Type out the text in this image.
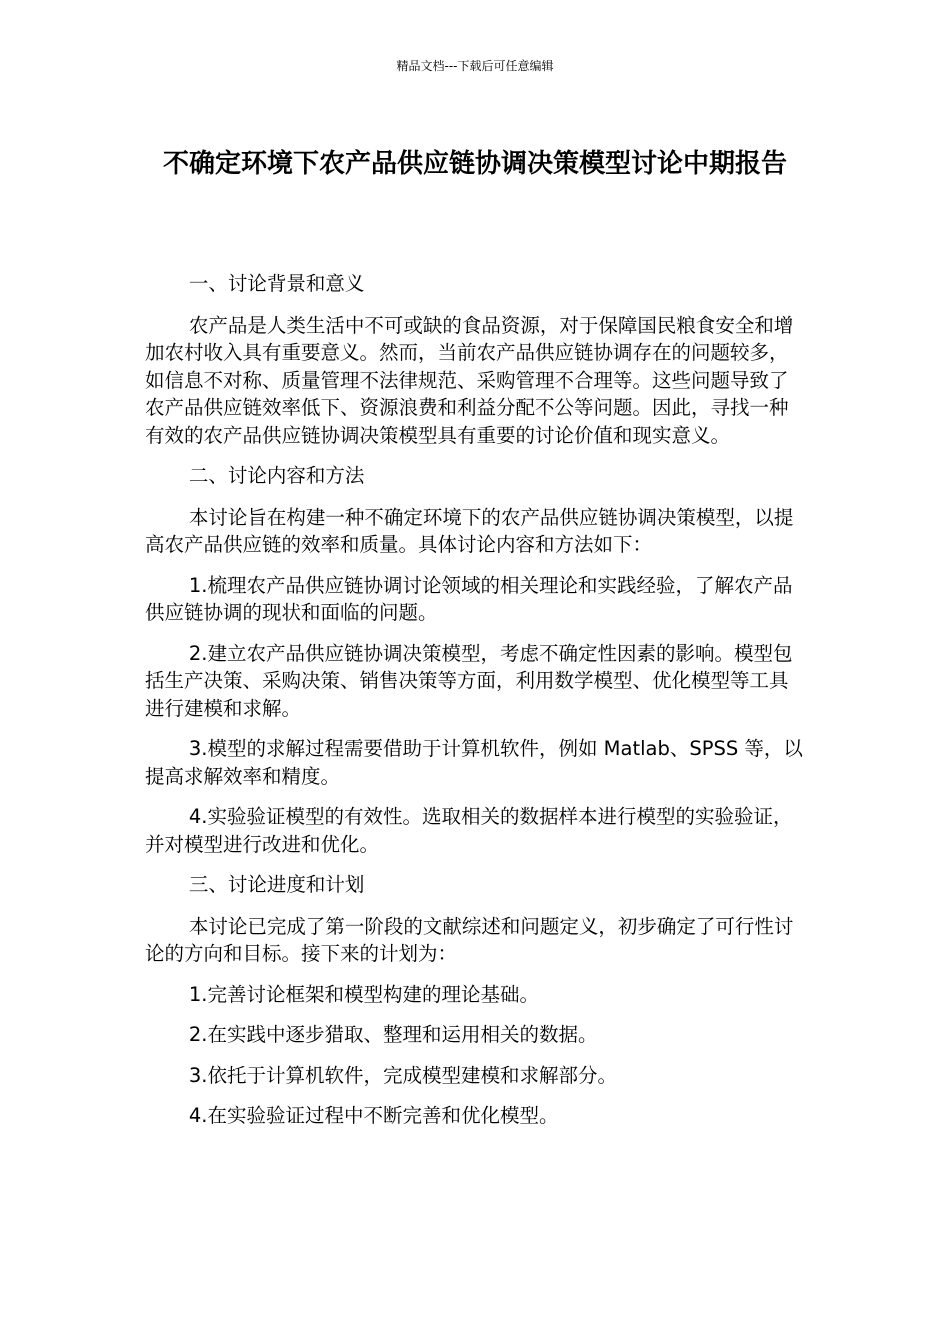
精品文档---下载后可任意编辑
不确定环境下农产品供应链协调决策模型讨论中期报告

一、讨论背景和意义

农产品是人类生活中不可或缺的食品资源，对于保障国民粮食安全和增加农村收入具有重要意义。然而，当前农产品供应链协调存在的问题较多，如信息不对称、质量管理不法律规范、采购管理不合理等。这些问题导致了农产品供应链效率低下、资源浪费和利益分配不公等问题。因此，寻找一种有效的农产品供应链协调决策模型具有重要的讨论价值和现实意义。

二、讨论内容和方法

本讨论旨在构建一种不确定环境下的农产品供应链协调决策模型，以提高农产品供应链的效率和质量。具体讨论内容和方法如下：

1.梳理农产品供应链协调讨论领域的相关理论和实践经验，了解农产品供应链协调的现状和面临的问题。

2.建立农产品供应链协调决策模型，考虑不确定性因素的影响。模型包括生产决策、采购决策、销售决策等方面，利用数学模型、优化模型等工具进行建模和求解。

3.模型的求解过程需要借助于计算机软件，例如 Matlab、SPSS 等，以提高求解效率和精度。

4.实验验证模型的有效性。选取相关的数据样本进行模型的实验验证，并对模型进行改进和优化。

三、讨论进度和计划

本讨论已完成了第一阶段的文献综述和问题定义，初步确定了可行性讨论的方向和目标。接下来的计划为：

1.完善讨论框架和模型构建的理论基础。

2.在实践中逐步猎取、整理和运用相关的数据。

3.依托于计算机软件，完成模型建模和求解部分。

4.在实验验证过程中不断完善和优化模型。
